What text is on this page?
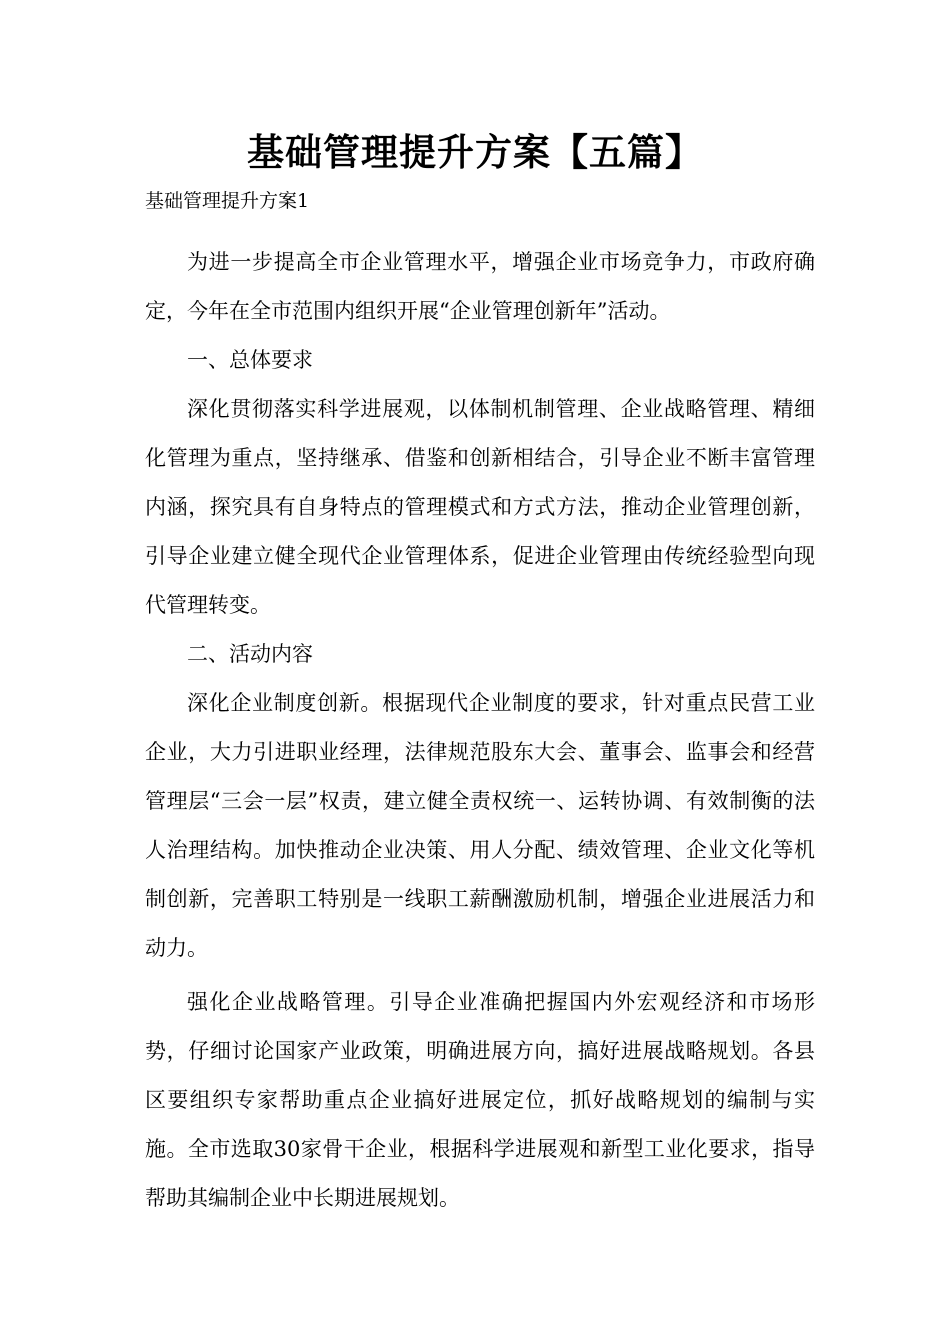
基础管理提升方案【五篇】
基础管理提升方案1

为进一步提高全市企业管理水平，增强企业市场竞争力，市政府确定，今年在全市范围内组织开展“企业管理创新年”活动。

一、总体要求

深化贯彻落实科学进展观，以体制机制管理、企业战略管理、精细化管理为重点，坚持继承、借鉴和创新相结合，引导企业不断丰富管理内涵，探究具有自身特点的管理模式和方式方法，推动企业管理创新，引导企业建立健全现代企业管理体系，促进企业管理由传统经验型向现代管理转变。

二、活动内容

深化企业制度创新。根据现代企业制度的要求，针对重点民营工业企业，大力引进职业经理，法律规范股东大会、董事会、监事会和经营管理层“三会一层”权责，建立健全责权统一、运转协调、有效制衡的法人治理结构。加快推动企业决策、用人分配、绩效管理、企业文化等机制创新，完善职工特别是一线职工薪酬激励机制，增强企业进展活力和动力。

强化企业战略管理。引导企业准确把握国内外宏观经济和市场形势，仔细讨论国家产业政策，明确进展方向，搞好进展战略规划。各县区要组织专家帮助重点企业搞好进展定位，抓好战略规划的编制与实施。全市选取30家骨干企业，根据科学进展观和新型工业化要求，指导帮助其编制企业中长期进展规划。
